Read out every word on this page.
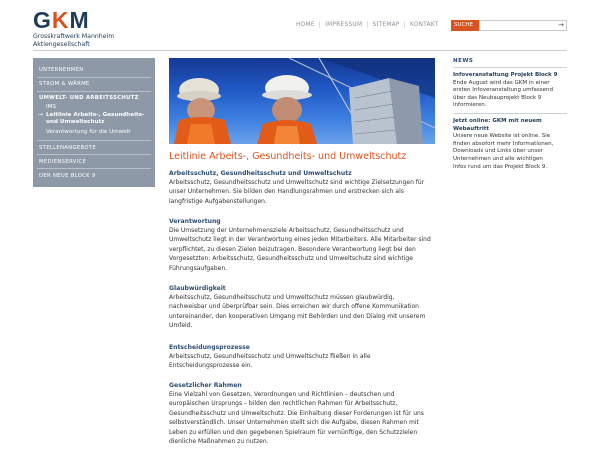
GKM
Grosskraftwerk Mannheim
Aktiengesellschaft
HOME | IMPRESSUM | SITEMAP | KONTAKT	SUCHE	→
UNTERNEHMEN
STROM & WÄRME
UMWELT- UND ARBEITSSCHUTZ
IMS
→ Leitlinie Arbeits-, Gesundheits-
und Umweltschutz
Verantwortung für die Umwelt
STELLENANGEBOTE
MEDIENSERVICE
DER NEUE BLOCK 9
Leitlinie Arbeits-, Gesundheits- und Umweltschutz
Arbeitsschutz, Gesundheitsschutz und Umweltschutz
Arbeitsschutz, Gesundheitsschutz und Umweltschutz sind wichtige Zielsetzungen für
unser Unternehmen. Sie bilden den Handlungsrahmen und erstrecken sich als
langfristige Aufgabenstellungen.
Verantwortung
Die Umsetzung der Unternehmensziele Arbeitsschutz, Gesundheitsschutz und
Umweltschutz liegt in der Verantwortung eines jeden Mitarbeiters. Alle Mitarbeiter sind
verpflichtet, zu diesen Zielen beizutragen. Besondere Verantwortung liegt bei den
Vorgesetzten: Arbeitsschutz, Gesundheitsschutz und Umweltschutz sind wichtige
Führungsaufgaben.
Glaubwürdigkeit
Arbeitsschutz, Gesundheitsschutz und Umweltschutz müssen glaubwürdig,
nachweisbar und überprüfbar sein. Dies erreichen wir durch offene Kommunikation
untereinander, den kooperativen Umgang mit Behörden und den Dialog mit unserem
Umfeld.
Entscheidungsprozesse
Arbeitsschutz, Gesundheitsschutz und Umweltschutz fließen in alle
Entscheidungsprozesse ein.
Gesetzlicher Rahmen
Eine Vielzahl von Gesetzen, Verordnungen und Richtlinien – deutschen und
europäischen Ursprungs – bilden den rechtlichen Rahmen für Arbeitsschutz,
Gesundheitsschutz und Umweltschutz. Die Einhaltung dieser Forderungen ist für uns
selbstverständlich. Unser Unternehmen stellt sich die Aufgabe, diesen Rahmen mit
Leben zu erfüllen und den gegebenen Spielraum für vernünftige, den Schutzzielen
dienliche Maßnahmen zu nutzen.
NEWS
Infoveranstaltung Projekt Block 9
Ende August wird das GKM in einer
ersten Infoveranstaltung umfassend
über das Neubauprojekt Block 9
informieren.
Jetzt online: GKM mit neuem
Webauftritt
Unsere neue Website ist online. Sie
finden absofort mehr Informationen,
Downloads und Links über unser
Unternehmen und alle wichtigen
Infos rund um das Projekt Block 9.
